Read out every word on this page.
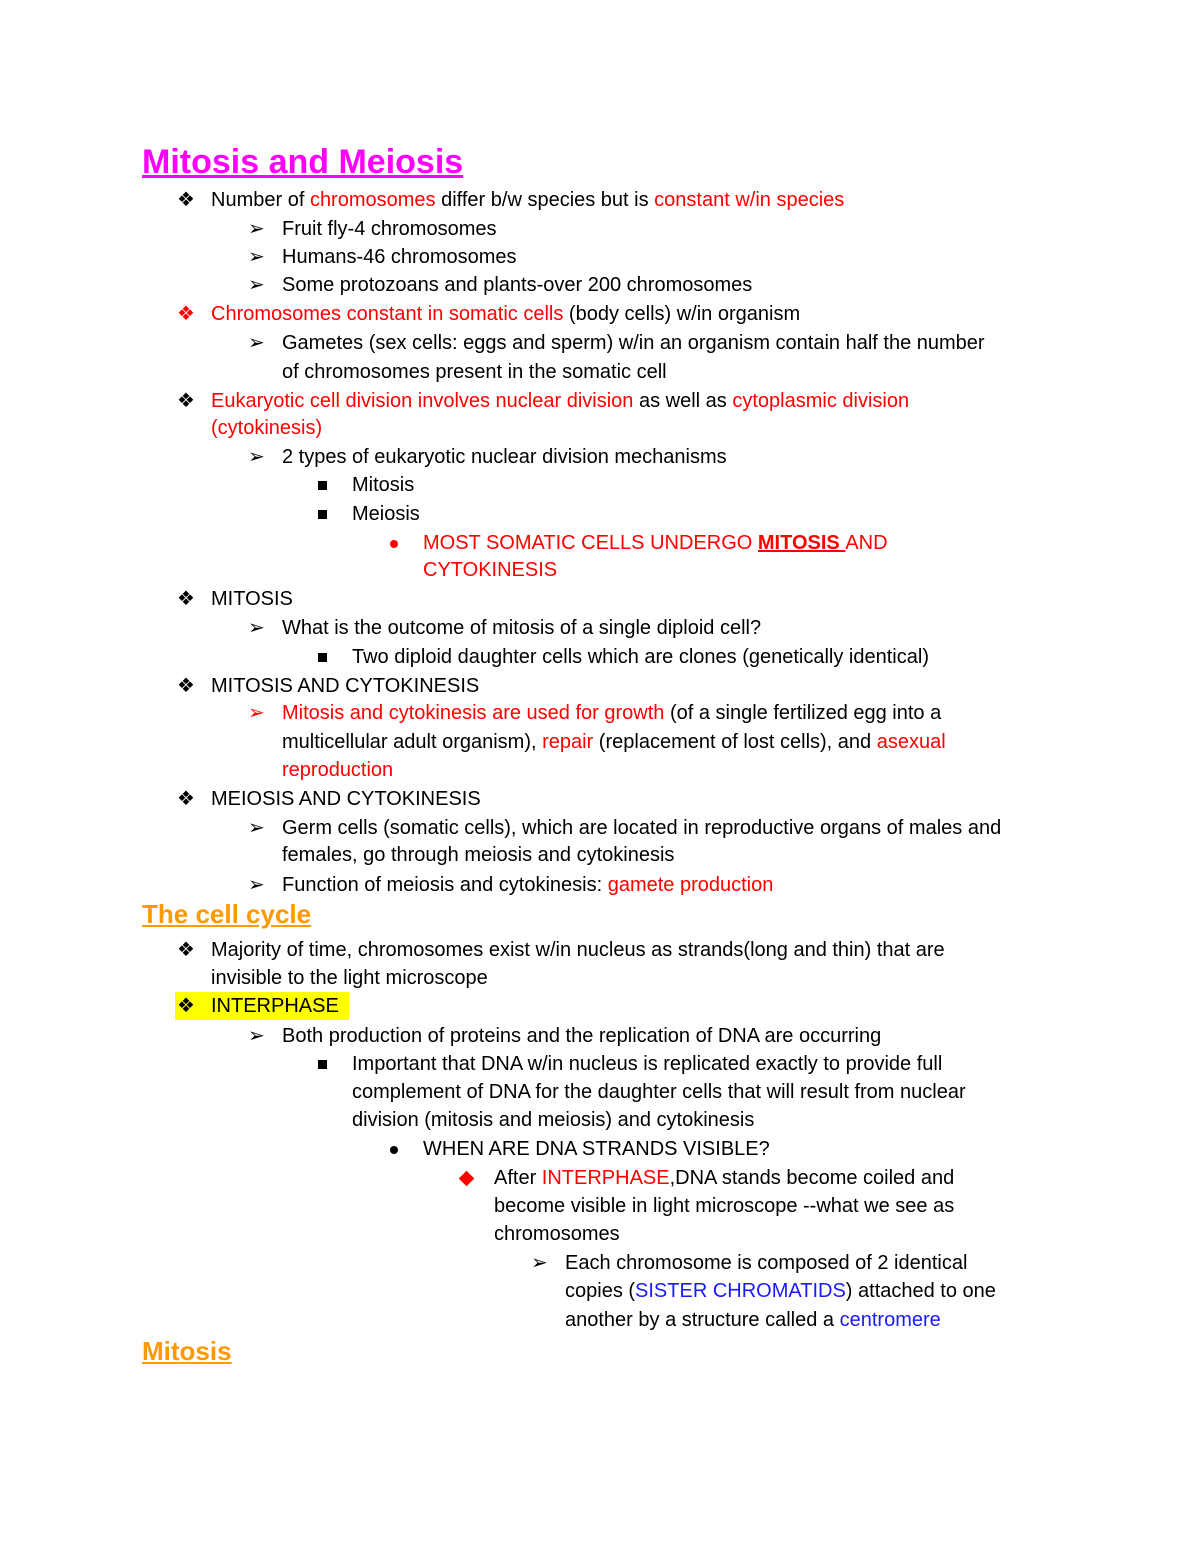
Mitosis and Meiosis
❖ Number of chromosomes differ b/w species but is constant w/in species
➢ Fruit fly-4 chromosomes
➢ Humans-46 chromosomes
➢ Some protozoans and plants-over 200 chromosomes
❖ Chromosomes constant in somatic cells (body cells) w/in organism
➢ Gametes (sex cells: eggs and sperm) w/in an organism contain half the number
of chromosomes present in the somatic cell
❖ Eukaryotic cell division involves nuclear division as well as cytoplasmic division
(cytokinesis)
➢ 2 types of eukaryotic nuclear division mechanisms
Mitosis
Meiosis
MOST SOMATIC CELLS UNDERGO MITOSIS AND
CYTOKINESIS
❖ MITOSIS
➢ What is the outcome of mitosis of a single diploid cell?
Two diploid daughter cells which are clones (genetically identical)
❖ MITOSIS AND CYTOKINESIS
➢ Mitosis and cytokinesis are used for growth (of a single fertilized egg into a
multicellular adult organism), repair (replacement of lost cells), and asexual
reproduction
❖ MEIOSIS AND CYTOKINESIS
➢ Germ cells (somatic cells), which are located in reproductive organs of males and
females, go through meiosis and cytokinesis
➢ Function of meiosis and cytokinesis: gamete production
The cell cycle
❖ Majority of time, chromosomes exist w/in nucleus as strands(long and thin) that are
invisible to the light microscope
❖ INTERPHASE
➢ Both production of proteins and the replication of DNA are occurring
Important that DNA w/in nucleus is replicated exactly to provide full
complement of DNA for the daughter cells that will result from nuclear
division (mitosis and meiosis) and cytokinesis
WHEN ARE DNA STRANDS VISIBLE?
After INTERPHASE,DNA stands become coiled and
become visible in light microscope --what we see as
chromosomes
➢ Each chromosome is composed of 2 identical
copies (SISTER CHROMATIDS) attached to one
another by a structure called a centromere
Mitosis
